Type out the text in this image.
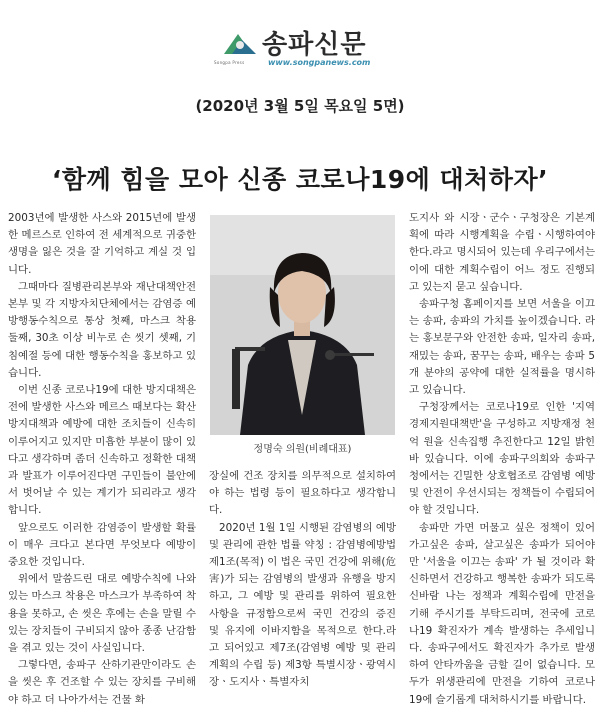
Songpa Press
송파신문
www.songpanews.com
(2020년 3월 5일 목요일 5면)
‘함께 힘을 모아 신종 코로나19에 대처하자’

2003년에 발생한 사스와 2015년에 발생한 메르스로 인하여 전 세계적으로 귀중한 생명을 잃은 것을 잘 기억하고 계실 것 입니다.

그때마다 질병관리본부와 재난대책안전본부 및 각 지방자치단체에서는 감염증 예방행동수칙으로 통상 첫째, 마스크 착용 둘째, 30초 이상 비누로 손 씻기 셋째, 기침예절 등에 대한 행동수칙을 홍보하고 있습니다.

이번 신종 코로나19에 대한 방지대책은 전에 발생한 사스와 메르스 때보다는 확산 방지대책과 예방에 대한 조치들이 신속히 이루어지고 있지만 미흡한 부분이 많이 있다고 생각하며 좀더 신속하고 정확한 대책과 발표가 이루어진다면 구민들이 불안에서 벗어날 수 있는 계기가 되리라고 생각합니다.

앞으로도 이러한 감염증이 발생할 확률이 매우 크다고 본다면 무엇보다 예방이 중요한 것입니다.

위에서 말씀드린 대로 예방수칙에 나와 있는 마스크 착용은 마스크가 부족하여 착용을 못하고, 손 씻은 후에는 손을 말릴 수 있는 장치들이 구비되지 않아 종종 난감함을 겪고 있는 것이 사실입니다.

그렇다면, 송파구 산하기관만이라도 손을 씻은 후 건조할 수 있는 장치를 구비해야 하고 더 나아가서는 건물 화

정명숙 의원(비례대표)

장실에 건조 장치를 의무적으로 설치하여야 하는 법령 등이 필요하다고 생각합니다.

2020년 1월 1일 시행된 감염병의 예방 및 관리에 관한 법률 약칭 : 감염병예방법 제1조(목적) 이 법은 국민 건강에 위해(危害)가 되는 감염병의 발생과 유행을 방지하고, 그 예방 및 관리를 위하여 필요한 사항을 규정함으로써 국민 건강의 증진 및 유지에 이바지함을 목적으로 한다.라고 되어있고 제7조(감염병 예방 및 관리 계획의 수립 등) 제3항 특별시장ㆍ광역시장ㆍ도지사ㆍ특별자치

도지사 와 시장ㆍ군수ㆍ구청장은 기본계획에 따라 시행계획을 수립ㆍ시행하여야 한다.라고 명시되어 있는데 우리구에서는 이에 대한 계획수립이 어느 정도 진행되고 있는지 묻고 싶습니다.

송파구청 홈페이지를 보면 서울을 이끄는 송파, 송파의 가치를 높이겠습니다. 라는 홍보문구와 안전한 송파, 일자리 송파, 재밌는 송파, 꿈꾸는 송파, 배우는 송파 5개 분야의 공약에 대한 실적률을 명시하고 있습니다.

구청장께서는 코로나19로 인한 '지역경제지원대책반'을 구성하고 지방재정 천억 원을 신속집행 추진한다고 12일 밝힌 바 있습니다. 이에 송파구의회와 송파구청에서는 긴밀한 상호협조로 감염병 예방 및 안전이 우선시되는 정책들이 수립되어야 할 것입니다.

송파만 가면 머물고 싶은 정책이 있어 가고싶은 송파, 살고싶은 송파가 되어야만 '서울을 이끄는 송파' 가 될 것이라 확신하면서 건강하고 행복한 송파가 되도록 신바람 나는 정책과 계획수립에 만전을 기해 주시기를 부탁드리며, 전국에 코로나19 확진자가 계속 발생하는 추세입니다. 송파구에서도 확진자가 추가로 발생하여 안타까움을 금할 길이 없습니다. 모두가 위생관리에 만전을 기하여 코로나19에 슬기롭게 대처하시기를 바랍니다.
